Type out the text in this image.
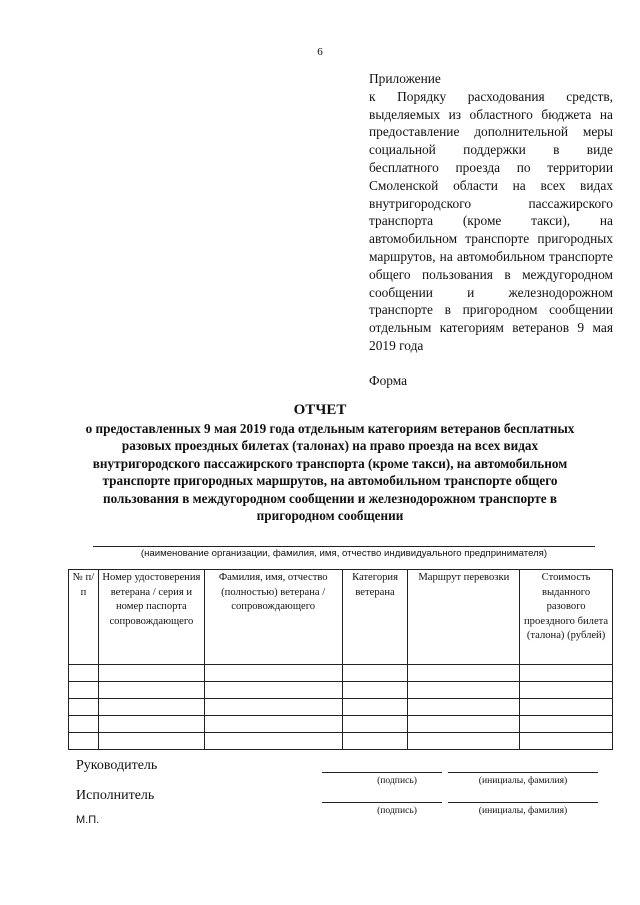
6
Приложение
к Порядку расходования средств, выделяемых из областного бюджета на предоставление дополнительной меры социальной поддержки в виде бесплатного проезда по территории Смоленской области на всех видах внутригородского пассажирского транспорта (кроме такси), на автомобильном транспорте пригородных маршрутов, на автомобильном транспорте общего пользования в междугородном сообщении и железнодорожном транспорте в пригородном сообщении отдельным категориям ветеранов 9 мая 2019 года
Форма
ОТЧЕТ
о предоставленных 9 мая 2019 года отдельным категориям ветеранов бесплатных разовых проездных билетах (талонах) на право проезда на всех видах внутригородского пассажирского транспорта (кроме такси), на автомобильном транспорте пригородных маршрутов, на автомобильном транспорте общего пользования в междугородном сообщении и железнодорожном транспорте в пригородном сообщении
(наименование организации, фамилия, имя, отчество индивидуального предпринимателя)
№ п/п	Номер удостоверения ветерана / серия и номер паспорта сопровождающего	Фамилия, имя, отчество (полностью) ветерана / сопровождающего	Категория ветерана	Маршрут перевозки	Стоимость выданного разового проездного билета (талона) (рублей)

Руководитель
(подпись)	(инициалы, фамилия)
Исполнитель
(подпись)	(инициалы, фамилия)
М.П.
